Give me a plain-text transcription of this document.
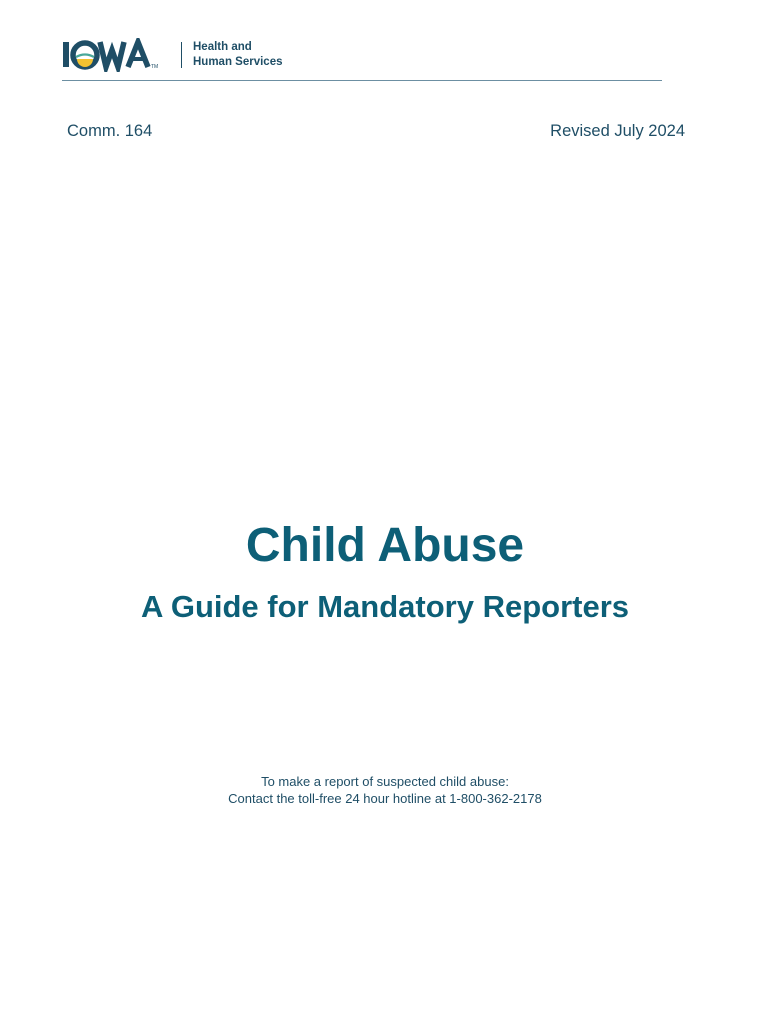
TM
Health and
Human Services
Comm. 164	Revised July 2024
Child Abuse
A Guide for Mandatory Reporters
To make a report of suspected child abuse:
Contact the toll-free 24 hour hotline at 1-800-362-2178
